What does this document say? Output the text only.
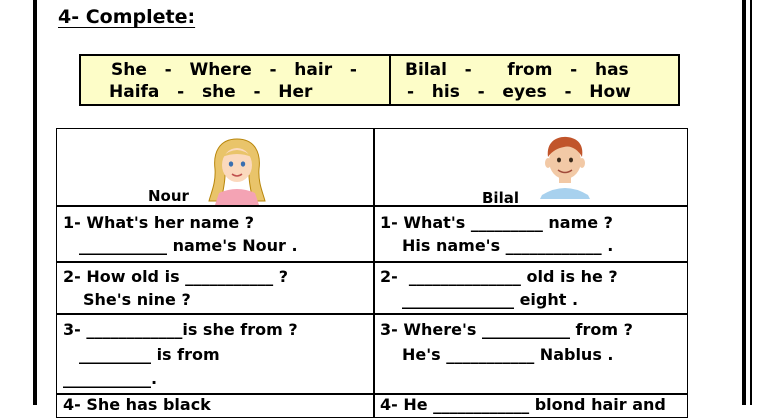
4- Complete:
She   -   Where   -   hair   -
Haifa   -   she   -   Her
Bilal   -      from   -   has
-   his   -   eyes   -   How
Nour	Bilal
1- What's her name ?
___________ name's Nour .
1- What's _________ name ?
His name's ____________ .
2- How old is ___________ ?
She's nine ?
2-  ______________ old is he ?
______________ eight .
3- ____________is she from ?
_________ is from
___________.
3- Where's ___________ from ?
He's ___________ Nablus .
4- She has black	4- He ____________ blond hair and
